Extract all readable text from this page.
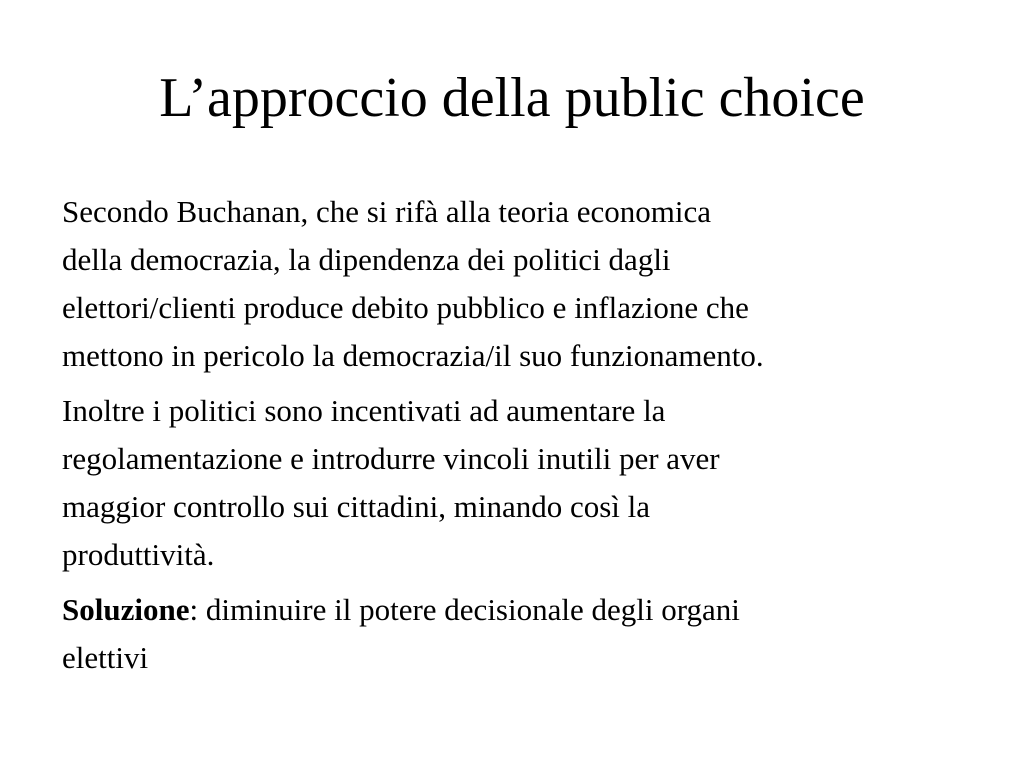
L’approccio della public choice

Secondo Buchanan, che si rifà alla teoria economica
della democrazia, la dipendenza dei politici dagli
elettori/clienti produce debito pubblico e inflazione che
mettono in pericolo la democrazia/il suo funzionamento.

Inoltre i politici sono incentivati ad aumentare la
regolamentazione e introdurre vincoli inutili per aver
maggior controllo sui cittadini, minando così la
produttività.

Soluzione: diminuire il potere decisionale degli organi
elettivi
